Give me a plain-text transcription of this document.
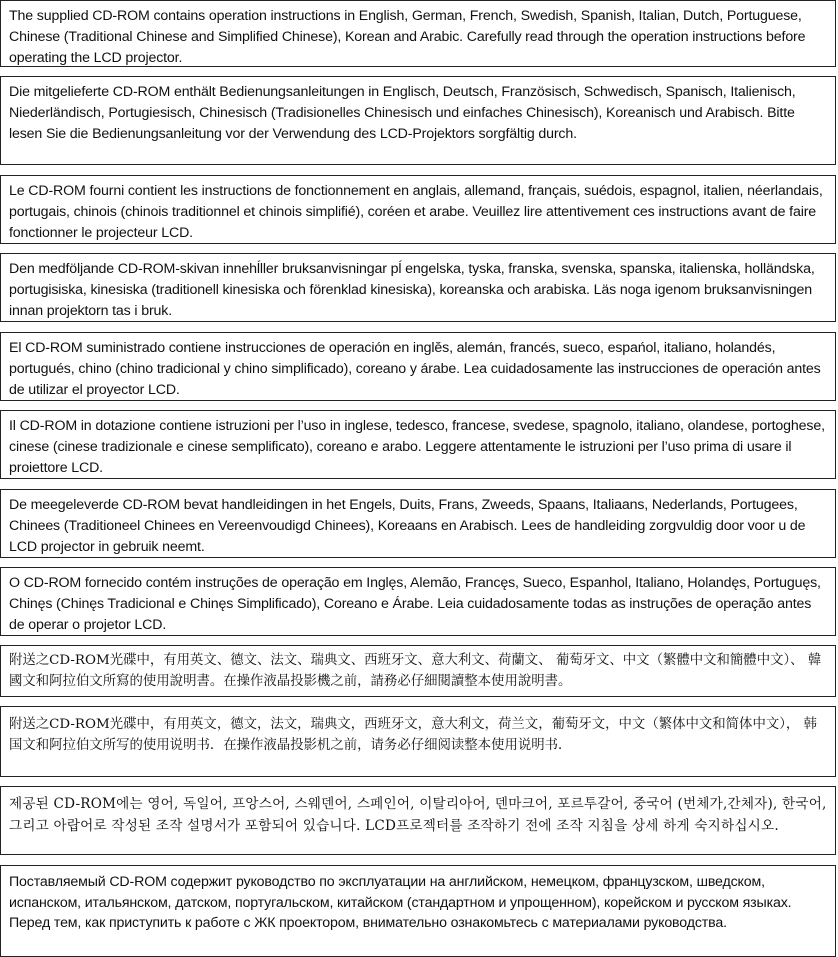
The supplied CD-ROM contains operation instructions in English, German, French, Swedish, Spanish, Italian, Dutch, Portuguese, Chinese (Traditional Chinese and Simplified Chinese), Korean and Arabic. Carefully read through the operation instructions before operating the LCD projector.

Die mitgelieferte CD-ROM enthält Bedienungsanleitungen in Englisch, Deutsch, Französisch, Schwedisch, Spanisch, Italienisch, Niederländisch, Portugiesisch, Chinesisch (Tradisionelles Chinesisch und einfaches Chinesisch), Koreanisch und Arabisch. Bitte lesen Sie die Bedienungsanleitung vor der Verwendung des LCD-Projektors sorgfältig durch.

Le CD-ROM fourni contient les instructions de fonctionnement en anglais, allemand, français, suédois, espagnol, italien, néerlandais, portugais, chinois (chinois traditionnel et chinois simplifié), coréen et arabe. Veuillez lire attentivement ces instructions avant de faire fonctionner le projecteur LCD.

Den medföljande CD-ROM-skivan innehĺller bruksanvisningar pĺ engelska, tyska, franska, svenska, spanska, italienska, holländska, portugisiska, kinesiska (traditionell kinesiska och förenklad kinesiska), koreanska och arabiska. Läs noga igenom bruksanvisningen innan projektorn tas i bruk.

El CD-ROM suministrado contiene instrucciones de operación en inglĕs, alemán, francés, sueco, espańol, italiano, holandés, portugués, chino (chino tradicional y chino simplificado), coreano y árabe. Lea cuidadosamente las instrucciones de operación antes de utilizar el proyector LCD.

Il CD-ROM in dotazione contiene istruzioni per l’uso in inglese, tedesco, francese, svedese, spagnolo, italiano, olandese, portoghese, cinese (cinese tradizionale e cinese semplificato), coreano e arabo. Leggere attentamente le istruzioni per l’uso prima di usare il proiettore LCD.

De meegeleverde CD-ROM bevat handleidingen in het Engels, Duits, Frans, Zweeds, Spaans, Italiaans, Nederlands, Portugees, Chinees (Traditioneel Chinees en Vereenvoudigd Chinees), Koreaans en Arabisch. Lees de handleiding zorgvuldig door voor u de LCD projector in gebruik neemt.

O CD-ROM fornecido contém instruções de operação em Inglęs, Alemão, Francęs, Sueco, Espanhol, Italiano, Holandęs, Portuguęs, Chinęs (Chinęs Tradicional e Chinęs Simplificado), Coreano e Árabe. Leia cuidadosamente todas as instruções de operação antes de operar o projetor LCD.

附送之CD-ROM光碟中，有用英文、德文、法文、瑞典文、西班牙文、意大利文、荷蘭文、 葡萄牙文、中文（繁體中文和簡體中文）、 韓國文和阿拉伯文所寫的使用說明書。在操作液晶投影機之前，請務必仔細閱讀整本使用說明書。

附送之CD-ROM光碟中，有用英文，德文，法文，瑞典文，西班牙文，意大利文，荷兰文，葡萄牙文，中文（繁体中文和简体中文）， 韩国文和阿拉伯文所写的使用说明书．在操作液晶投影机之前，请务必仔细阅读整本使用说明书．

제공된 CD-ROM에는 영어, 독일어, 프앙스어, 스웨덴어, 스페인어, 이탈리아어, 덴마크어, 포르투갈어, 중국어 (번체가,간체자), 한국어, 그리고 아랍어로 작성된 조작 설명서가 포함되어 있습니다. LCD프로젝터를 조작하기 전에 조작 지침을 상세 하게 숙지하십시오.

Поставляемый CD-ROM содержит руководство по эксплуатации на английском, немецком, французском, шведском, испанском, итальянском, датском, португальском, китайском (стандартном и упрощенном), корейском и русском языках. Перед тем, как приступить к работе с ЖК проектором, внимательно ознакомьтесь с материалами руководства.
